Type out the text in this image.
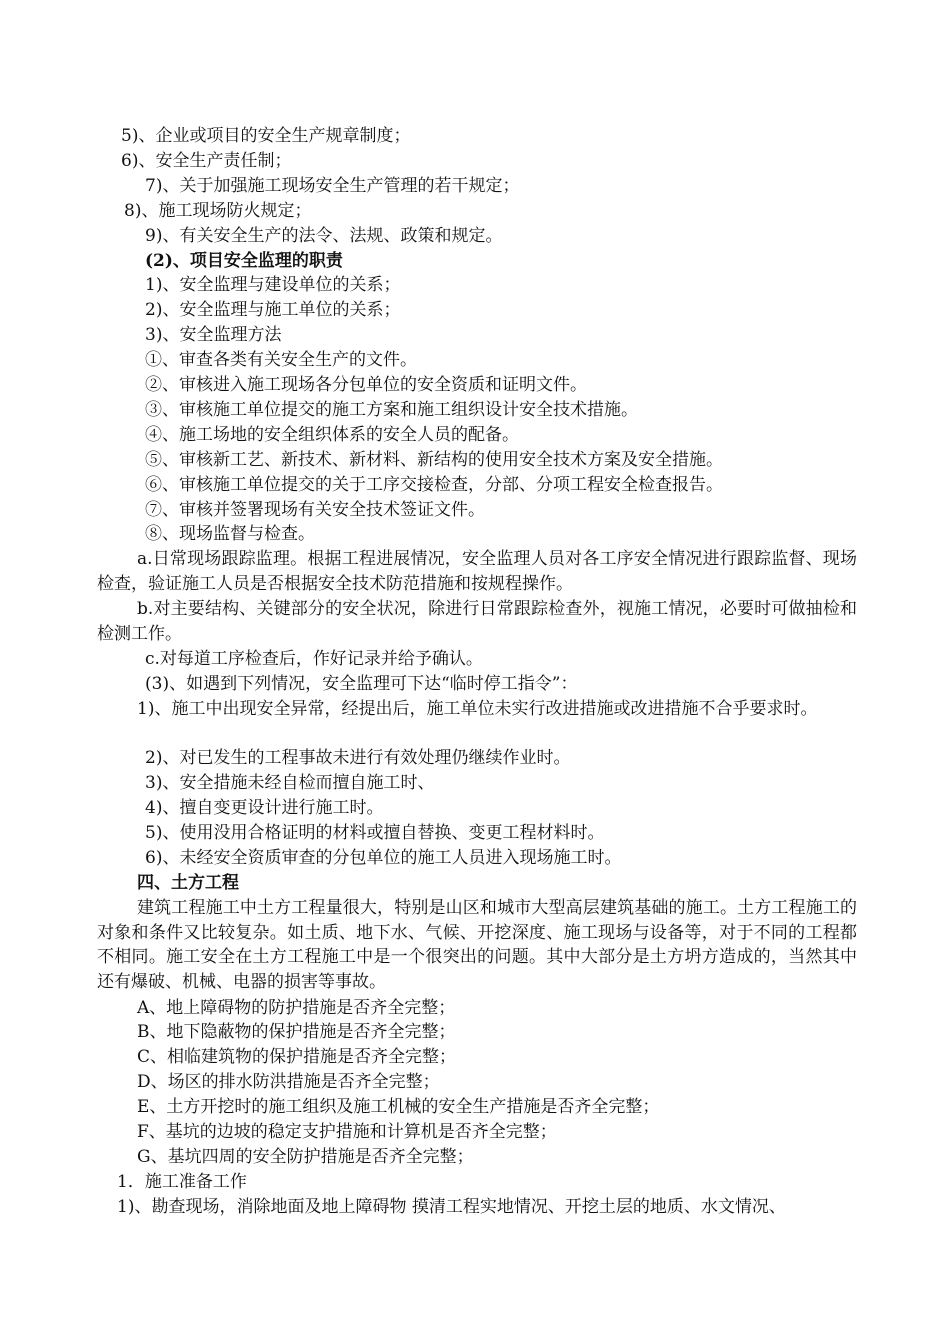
5)、企业或项目的安全生产规章制度；
6)、安全生产责任制；
7)、关于加强施工现场安全生产管理的若干规定；
8)、施工现场防火规定；
9)、有关安全生产的法令、法规、政策和规定。
(2)、项目安全监理的职责
1)、安全监理与建设单位的关系；
2)、安全监理与施工单位的关系；
3)、安全监理方法
①、审查各类有关安全生产的文件。
②、审核进入施工现场各分包单位的安全资质和证明文件。
③、审核施工单位提交的施工方案和施工组织设计安全技术措施。
④、施工场地的安全组织体系的安全人员的配备。
⑤、审核新工艺、新技术、新材料、新结构的使用安全技术方案及安全措施。
⑥、审核施工单位提交的关于工序交接检查，分部、分项工程安全检查报告。
⑦、审核并签署现场有关安全技术签证文件。
⑧、现场监督与检查。
a.日常现场跟踪监理。根据工程进展情况，安全监理人员对各工序安全情况进行跟踪监督、现场检查，验证施工人员是否根据安全技术防范措施和按规程操作。
b.对主要结构、关键部分的安全状况，除进行日常跟踪检查外，视施工情况，必要时可做抽检和检测工作。
c.对每道工序检查后，作好记录并给予确认。
(3)、如遇到下列情况，安全监理可下达“临时停工指令”：
1)、施工中出现安全异常，经提出后，施工单位未实行改进措施或改进措施不合乎要求时。
2)、对已发生的工程事故未进行有效处理仍继续作业时。
3)、安全措施未经自检而擅自施工时、
4)、擅自变更设计进行施工时。
5)、使用没用合格证明的材料或擅自替换、变更工程材料时。
6)、未经安全资质审查的分包单位的施工人员进入现场施工时。
四、土方工程
建筑工程施工中土方工程量很大，特别是山区和城市大型高层建筑基础的施工。土方工程施工的对象和条件又比较复杂。如土质、地下水、气候、开挖深度、施工现场与设备等，对于不同的工程都不相同。施工安全在土方工程施工中是一个很突出的问题。其中大部分是土方坍方造成的，当然其中还有爆破、机械、电器的损害等事故。
A、地上障碍物的防护措施是否齐全完整；
B、地下隐蔽物的保护措施是否齐全完整；
C、相临建筑物的保护措施是否齐全完整；
D、场区的排水防洪措施是否齐全完整；
E、土方开挖时的施工组织及施工机械的安全生产措施是否齐全完整；
F、基坑的边坡的稳定支护措施和计算机是否齐全完整；
G、基坑四周的安全防护措施是否齐全完整；
1．施工准备工作
1)、勘查现场，消除地面及地上障碍物 摸清工程实地情况、开挖土层的地质、水文情况、
